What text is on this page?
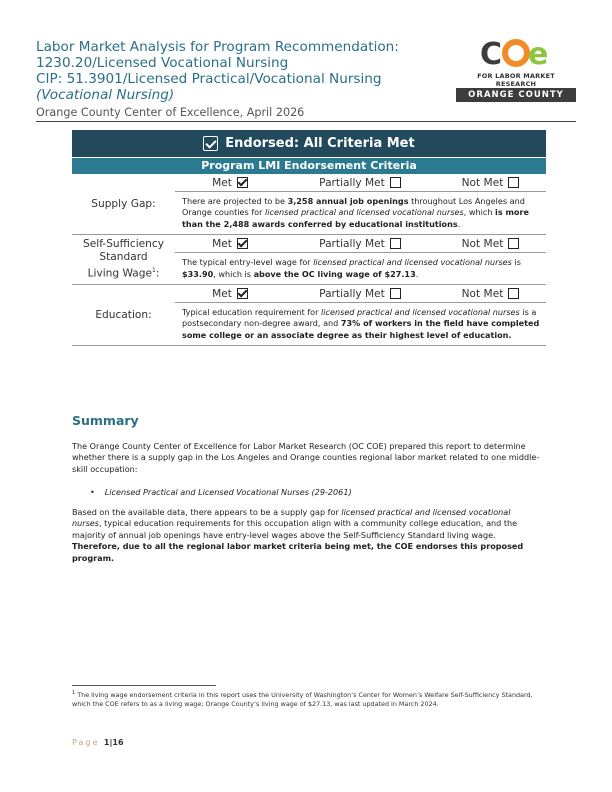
Labor Market Analysis for Program Recommendation:
1230.20/Licensed Vocational Nursing
CIP: 51.3901/Licensed Practical/Vocational Nursing
(Vocational Nursing)
Orange County Center of Excellence, April 2026
C e
FOR LABOR MARKET RESEARCH
ORANGE COUNTY
Endorsed: All Criteria Met
Program LMI Endorsement Criteria
Supply Gap:
Met	Partially Met	Not Met
There are projected to be 3,258 annual job openings throughout Los Angeles and Orange counties for licensed practical and licensed vocational nurses, which is more than the 2,488 awards conferred by educational institutions.
Self-Sufficiency
Standard
Living Wage$^1$:
Met	Partially Met	Not Met
The typical entry-level wage for licensed practical and licensed vocational nurses is $33.90, which is above the OC living wage of $27.13.
Education:
Met	Partially Met	Not Met
Typical education requirement for licensed practical and licensed vocational nurses is a postsecondary non-degree award, and 73% of workers in the field have completed some college or an associate degree as their highest level of education.
Summary
The Orange County Center of Excellence for Labor Market Research (OC COE) prepared this report to determine whether there is a supply gap in the Los Angeles and Orange counties regional labor market related to one middle-skill occupation:
• Licensed Practical and Licensed Vocational Nurses (29-2061)
Based on the available data, there appears to be a supply gap for licensed practical and licensed vocational nurses, typical education requirements for this occupation align with a community college education, and the majority of annual job openings have entry-level wages above the Self-Sufficiency Standard living wage. Therefore, due to all the regional labor market criteria being met, the COE endorses this proposed program.
$^1$ The living wage endorsement criteria in this report uses the University of Washington’s Center for Women’s Welfare Self-Sufficiency Standard, which the COE refers to as a living wage; Orange County’s living wage of $27.13, was last updated in March 2024.
Page 1|16
